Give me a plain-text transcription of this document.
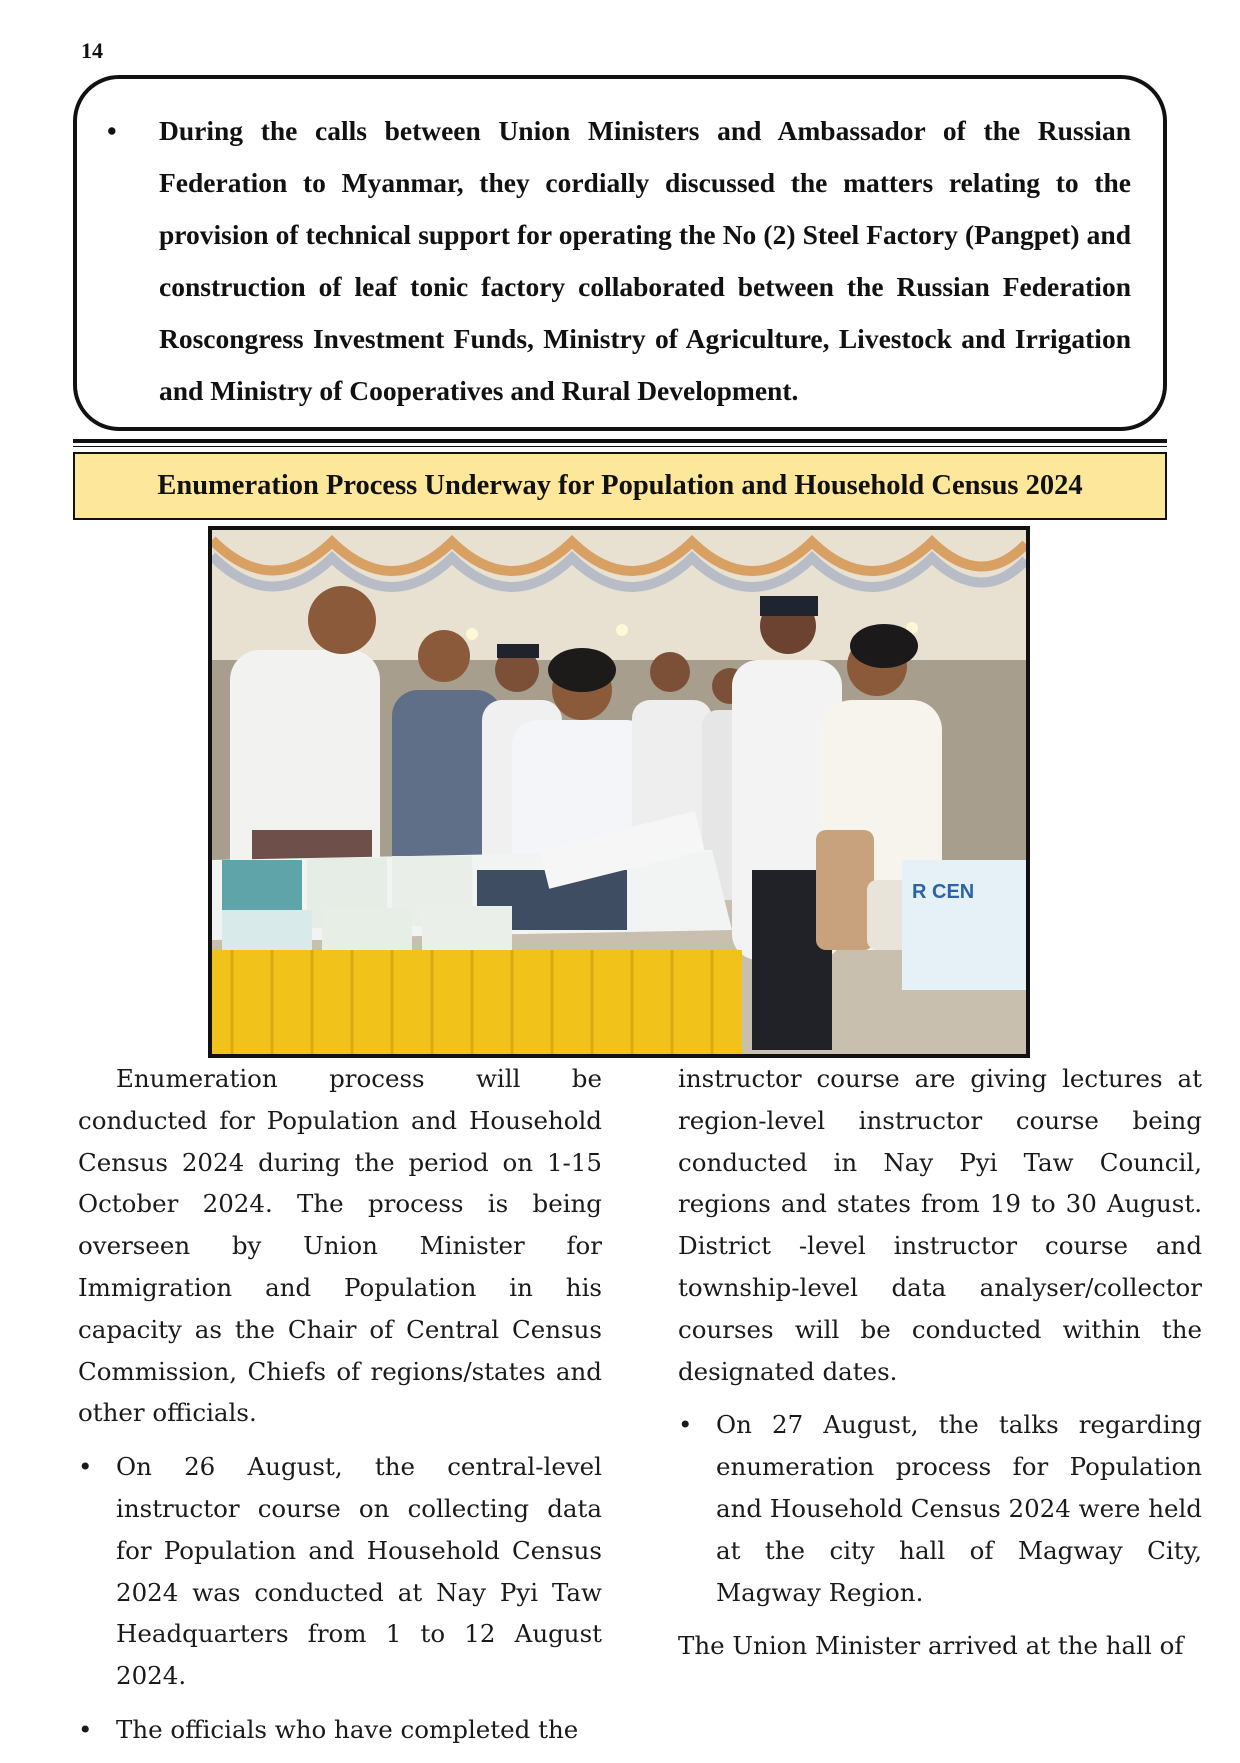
14
• During the calls between Union Ministers and Ambassador of the Russian Federation to Myanmar, they cordially discussed the matters relating to the provision of technical support for operating the No (2) Steel Factory (Pangpet) and construction of leaf tonic factory collaborated between the Russian Federation Roscongress Investment Funds, Ministry of Agriculture, Livestock and Irrigation and Ministry of Cooperatives and Rural Development.
Enumeration Process Underway for Population and Household Census 2024
R CEN

Enumeration process will be conducted for Population and Household Census 2024 during the period on 1-15 October 2024. The process is being overseen by Union Minister for Immigration and Population in his capacity as the Chair of Central Census Commission, Chiefs of regions/states and other officials.

• On 26 August, the central-level instructor course on collecting data for Population and Household Census 2024 was conducted at Nay Pyi Taw Headquarters from 1 to 12 August 2024.
• The officials who have completed the

instructor course are giving lectures at region-level instructor course being conducted in Nay Pyi Taw Council, regions and states from 19 to 30 August. District -level instructor course and township-level data analyser/collector courses will be conducted within the designated dates.

• On 27 August, the talks regarding enumeration process for Population and Household Census 2024 were held at the city hall of Magway City, Magway Region.

The Union Minister arrived at the hall of
